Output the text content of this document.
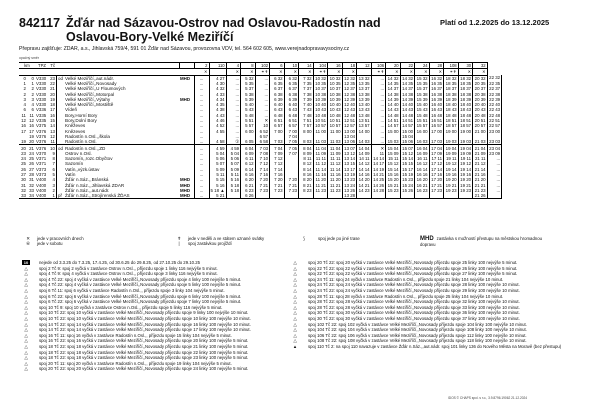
842117 Žďár nad Sázavou-Ostrov nad Oslavou-Radostín nad Oslavou-Bory-Velké Meziříčí
Platí od 1.2.2025 do 13.12.2025
Přepravu zajišťuje: ZDAR, a.s., Jihlavská 759/4, 591 01 Žďár nad Sázavou, provozovna VDV, tel. 564 602 605, www.verejnadopravavysociny.cz
opačný směr
km		TPZ	Tč				2	110	4	8	102	6	10	14	104	16	18	12	106	20	22	24	28	108	30	32	
							✕		✕	✕	⚭✝	✕	✕	✕	⚭✝	✕	✕		⚭✝	✕	✕	✕	✕	⚭✝	✕	✕	
0	0	V330	23	od	Velké Meziříčí,,aut.nádr.	MHD	...	4 27	...	5 32	...	6 32	6 32	7 32	10 32	10 32	12 32	13 32	...	14 32	14 32	15 32	16 32	18 32	18 32	20 32	22 32
1	1	V330	22		Velké Meziříčí,,Novosady		...	4 30	...	5 35	...	6 35	6 35	7 35	10 35	10 35	12 35	13 35	...	14 35	14 35	15 35	16 35	18 35	18 35	20 35	22 35
2	2	V330	21		Velké Meziříčí,,U Floumových		...	4 32	...	5 37	...	6 37	6 37	7 37	10 37	10 37	12 37	13 37	...	14 37	14 37	15 37	16 37	18 37	18 37	20 37	22 37
2	2	V330	20		Velké Meziříčí,,Motorpal		...	4 33	...	5 38	...	6 38	6 38	7 38	10 38	10 38	12 38	13 38	...	14 38	14 38	15 38	16 38	18 38	18 38	20 38	22 38
3	3	V330	19		Velké Meziříčí,,Výtahy	MHD	...	4 34	...	5 39	...	6 39	6 39	7 39	10 39	10 39	12 39	13 39	...	14 39	14 39	15 39	16 39	18 39	18 39	20 39	22 39
4	4	V330	18		Velké Meziříčí,,Mostiště		...	4 35	...	5 40	...	6 40	6 40	7 40	10 40	10 40	12 40	13 40	...	14 40	14 40	15 40	16 40	18 40	18 40	20 40	22 40
6	6	V336	17		Vídeň		...	4 38	...	5 43	...	6 43	6 43	7 43	10 43	10 43	12 43	13 43	...	14 43	14 43	15 43	16 43	18 43	18 43	20 43	22 43
11	11	V335	16		Bory,Horní Bory		...	4 43	...	5 48	...	6 48	6 48	7 48	10 48	10 48	12 48	13 48	...	14 48	14 48	15 48	16 48	18 48	18 48	20 48	22 48
12	12	V335	15		Bory,Dolní Bory		...	4 46	...	5 51	✕	6 51	6 51	7 51	10 51	10 51	12 51	13 51	...	14 51	14 51	15 51	16 51	18 51	18 51	20 51	22 51
16	16	V375	14		Kněževes		...	4 52	...	5 57	10	6 57	6 57	7 57	10 57	10 57	12 57	13 57	...	14 57	14 57	15 57	16 57	18 57	18 57	20 57	22 57
17	17	V376	13		Knězeves		...	4 55	...	6 00	6 52	7 00	7 00	8 00	11 00	11 00	13 00	14 00	...	15 00	15 00	16 00	17 00	19 00	19 00	21 00	23 00
	19	V376	12		Radostín n.Osl.,,škola		...		...		6 57		7 04				13 04		...		15 04						
19	20	V376	11		Radostín n.Osl.		...	4 58	①	6 05	6 58	7 03	7 05	8 03	11 03	11 03	13 06	14 03	...	15 03	15 06	16 03	17 03	19 03	19 03	21 03	23 03
20	21	V376	10	od	Radostín n.Osl.,,ZD		...	4 59	4 59	6 04	7 03	7 04	7 05	8 04	11 04	11 04	13 07	14 04	✕	15 04	15 07	16 04	17 04	19 04	19 04	21 04	23 04
23	24	V370	9		Ostrov n.Osl.		...	5 04	5 04	6 09	7 08	7 09	7 07	8 09	11 09	11 09	13 12	14 09	11	15 09	15 12	16 09	17 09	19 09	19 09	21 09	23 09
24	25	V371	8		Sazomín,,rozc.Obyčtov		...	5 06	5 06	6 11	7 10	7 12		8 11	11 11	11 11	13 14	14 11	14 14	15 11	15 14	16 11	17 11	19 11	19 11	21 11	...
25	26	V371	7		Sazomín		...	5 07	5 07	6 12	7 12	7 12		8 12	11 12	11 12	13 15	14 12	14 17	15 12	15 15	16 12	17 12	19 12	19 12	21 12	...
26	27	V373	6		Vatín,,výzk.ústav		...	5 09	5 09	6 14	7 14	7 14		8 14	11 14	11 14	13 17	14 14	14 19	15 14	15 17	16 14	17 14	19 14	19 14	21 14	...
27	28	V373	5		Vatín		...	5 11	5 11	6 16	7 16	7 16		8 16	11 16	11 16	13 19	14 16	14 21	15 16	15 19	16 16	17 16	19 16	19 16	21 16	...
30	31	V400	4		Žďár n.Sáz.,,Bránská	MHD	...	5 15	5 16	6 20	7 20	7 20	7 20	8 20	11 20	11 20	13 23	14 20	14 25	15 20	15 23	16 20	17 20	19 20	19 20	21 20	...
31	32	V400	3		Žďár n.Sáz.,,Jihlavská ZDAR	MHD	...	5 16	5 18	6 21	7 21	7 21	7 21	8 21	11 21	11 21	13 24	14 21	14 26	15 21	15 24	16 21	17 21	19 21	19 21	21 21	...
32	33	V400	2		Žďár n.Sáz.,,aut.nádr.	MHD	...	5 18 ▲	5 18	6 23	7 23	7 23	7 23	8 23	11 23	11 23	13 26	14 23	14 28	15 23	15 26	16 23	17 23	19 23	19 23	21 23	...
33	34	V400	1	př	Žďár n.Sáz.,,Strojírenská ŽĎAS	MHD	...	5 21		6 26							13 28									21 26	
✕ jede v pracovních dnech
⑥ jede v sobotu
✝ jede v neděli a ve státem uznané svátky
| spoj zastávkou projíždí
⟆	spoj jede po jiné trase	MHD zastávka s možností přestupu na městskou hromadnou dopravu
10	nejede od 3.3.25 do 7.3.25, 17.4.25, od 30.6.25 do 29.8.25, od 27.10.25 do 29.10.25
△	spoj 2 Tč 9: spoj 2 vyčká v zastávce Ostrov n.Osl.,, příjezdu spoje 1 linky 116 nejvýše 5 minut.
△	spoj 4 Tč 9: spoj 4 vyčká v zastávce Ostrov n.Osl.,, příjezdu spoje 3 linky 116 nejvýše 5 minut.
△	spoj 4 Tč 22: spoj 4 vyčká v zastávce Velké Meziříčí,,Novosady příjezdu spoje 4 linky 100 nejvýše 5 minut.
△	spoj 4 Tč 22: spoj 4 vyčká v zastávce Velké Meziříčí,,Novosady příjezdu spoje 5 linky 100 nejvýše 5 minut.
△	spoj 6 Tč 11: spoj 6 vyčká v zastávce Radostín n.Osl.,, příjezdu spoje 3 linky 104 nejvýše 5 minut.
△	spoj 6 Tč 22: spoj 6 vyčká v zastávce Velké Meziříčí,,Novosady příjezdu spoje 6 linky 100 nejvýše 5 minut.
△	spoj 6 Tč 22: spoj 6 vyčká v zastávce Velké Meziříčí,,Novosady příjezdu spoje 7 linky 100 nejvýše 5 minut.
△	spoj 10 Tč 9: spoj 10 vyčká v zastávce Ostrov n.Osl.,, příjezdu spoje 5 linky 116 nejvýše 5 minut.
△	spoj 10 Tč 22: spoj 10 vyčká v zastávce Velké Meziříčí,,Novosady příjezdu spoje 9 linky 100 nejvýše 10 minut.
△	spoj 10 Tč 22: spoj 10 vyčká v zastávce Velké Meziříčí,,Novosady příjezdu spoje 10 linky 100 nejvýše 10 minut.
△	spoj 14 Tč 22: spoj 14 vyčká v zastávce Velké Meziříčí,,Novosady příjezdu spoje 16 linky 100 nejvýše 10 minut.
△	spoj 14 Tč 22: spoj 14 vyčká v zastávce Velké Meziříčí,,Novosady příjezdu spoje 17 linky 100 nejvýše 10 minut.
△	spoj 16 Tč 11: spoj 16 vyčká v zastávce Radostín n.Osl.,, příjezdu spoje 15 linky 104 nejvýše 5 minut.
△	spoj 16 Tč 22: spoj 16 vyčká v zastávce Velké Meziříčí,,Novosady příjezdu spoje 20 linky 100 nejvýše 5 minut.
△	spoj 18 Tč 22: spoj 18 vyčká v zastávce Velké Meziříčí,,Novosady příjezdu spoje 21 linky 100 nejvýše 5 minut.
△	spoj 18 Tč 22: spoj 18 vyčká v zastávce Velké Meziříčí,,Novosady příjezdu spoje 22 linky 100 nejvýše 5 minut.
△	spoj 18 Tč 22: spoj 18 vyčká v zastávce Velké Meziříčí,,Novosady příjezdu spoje 23 linky 100 nejvýše 5 minut.
△	spoj 20 Tč 11: spoj 20 vyčká v zastávce Radostín n.Osl.,, příjezdu spoje 19 linky 104 nejvýše 5 minut.
△	spoj 20 Tč 22: spoj 20 vyčká v zastávce Velké Meziříčí,,Novosady příjezdu spoje 24 linky 100 nejvýše 5 minut.
△	spoj 20 Tč 22: spoj 20 vyčká v zastávce Velké Meziříčí,,Novosady příjezdu spoje 25 linky 100 nejvýše 5 minut.
△	spoj 22 Tč 22: spoj 22 vyčká v zastávce Velké Meziříčí,,Novosady příjezdu spoje 26 linky 100 nejvýše 5 minut.
△	spoj 22 Tč 22: spoj 22 vyčká v zastávce Velké Meziříčí,,Novosady příjezdu spoje 27 linky 100 nejvýše 5 minut.
△	spoj 24 Tč 11: spoj 24 vyčká v zastávce Radostín n.Osl.,, příjezdu spoje 21 linky 104 nejvýše 10 minut.
△	spoj 24 Tč 22: spoj 24 vyčká v zastávce Velké Meziříčí,,Novosady příjezdu spoje 28 linky 100 nejvýše 10 minut.
△	spoj 24 Tč 22: spoj 24 vyčká v zastávce Velké Meziříčí,,Novosady příjezdu spoje 29 linky 100 nejvýše 10 minut.
△	spoj 28 Tč 11: spoj 28 vyčká v zastávce Radostín n.Osl.,, příjezdu spoje 25 linky 104 nejvýše 10 minut.
△	spoj 28 Tč 22: spoj 28 vyčká v zastávce Velké Meziříčí,,Novosady příjezdu spoje 32 linky 100 nejvýše 10 minut.
△	spoj 28 Tč 22: spoj 28 vyčká v zastávce Velké Meziříčí,,Novosady příjezdu spoje 33 linky 100 nejvýše 10 minut.
△	spoj 30 Tč 22: spoj 30 vyčká v zastávce Velké Meziříčí,,Novosady příjezdu spoje 36 linky 100 nejvýše 10 minut.
△	spoj 30 Tč 22: spoj 30 vyčká v zastávce Velké Meziříčí,,Novosady příjezdu spoje 37 linky 100 nejvýše 10 minut.
△	spoj 102 Tč 22: spoj 102 vyčká v zastávce Velké Meziříčí,,Novosady příjezdu spoje 104 linky 100 nejvýše 10 minut.
△	spoj 104 Tč 22: spoj 104 vyčká v zastávce Velké Meziříčí,,Novosady příjezdu spoje 108 linky 100 nejvýše 10 minut.
△	spoj 106 Tč 22: spoj 106 vyčká v zastávce Velké Meziříčí,,Novosady příjezdu spoje 112 linky 100 nejvýše 10 minut.
△	spoj 108 Tč 22: spoj 108 vyčká v zastávce Velké Meziříčí,,Novosady příjezdu spoje 118 linky 100 nejvýše 10 minut.
▲	spoj 110 Tč 2: na spoj 110 navazuje v zastávce Žďár n.Sáz.,,aut.nádr. spoj 101 linky 136 do Nového Města na Moravě (bez přestupu)
IDOS © CHAPS spol. s r.o., 3.9.8796.19062 21.12.2024
